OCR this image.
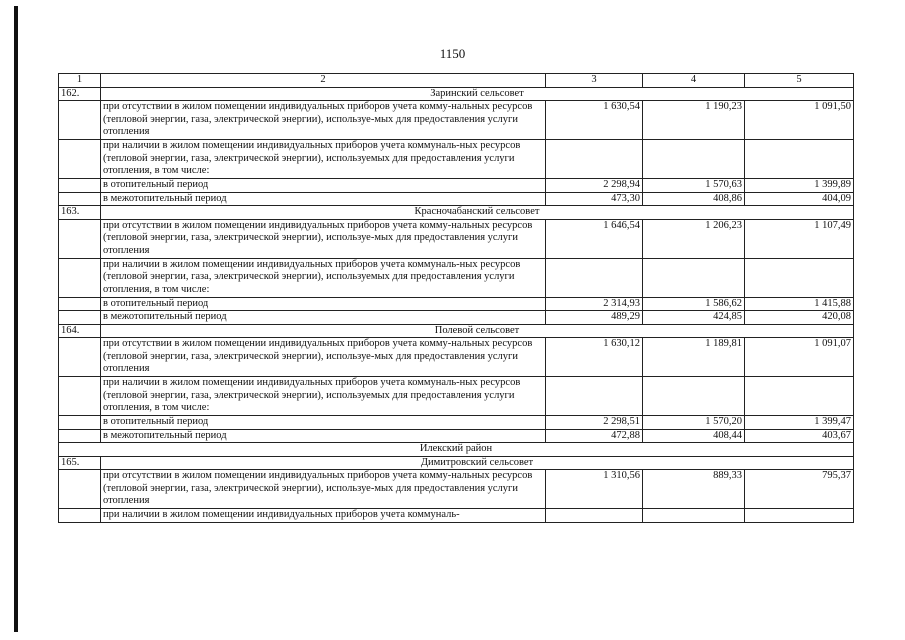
1150
1	2	3	4	5
162.	Заринский сельсовет			
	при отсутствии в жилом помещении индивидуальных приборов учета комму-нальных ресурсов (тепловой энергии, газа, электрической энергии), используе-мых для предоставления услуги отопления	1 630,54	1 190,23	1 091,50
	при наличии в жилом помещении индивидуальных приборов учета коммуналь-ных ресурсов (тепловой энергии, газа, электрической энергии), используемых для предоставления услуги отопления, в том числе:			
	в отопительный период	2 298,94	1 570,63	1 399,89
	в межотопительный период	473,30	408,86	404,09
163.	Красночабанский сельсовет			
	при отсутствии в жилом помещении индивидуальных приборов учета комму-нальных ресурсов (тепловой энергии, газа, электрической энергии), используе-мых для предоставления услуги отопления	1 646,54	1 206,23	1 107,49
	при наличии в жилом помещении индивидуальных приборов учета коммуналь-ных ресурсов (тепловой энергии, газа, электрической энергии), используемых для предоставления услуги отопления, в том числе:			
	в отопительный период	2 314,93	1 586,62	1 415,88
	в межотопительный период	489,29	424,85	420,08
164.	Полевой сельсовет			
	при отсутствии в жилом помещении индивидуальных приборов учета комму-нальных ресурсов (тепловой энергии, газа, электрической энергии), используе-мых для предоставления услуги отопления	1 630,12	1 189,81	1 091,07
	при наличии в жилом помещении индивидуальных приборов учета коммуналь-ных ресурсов (тепловой энергии, газа, электрической энергии), используемых для предоставления услуги отопления, в том числе:			
	в отопительный период	2 298,51	1 570,20	1 399,47
	в межотопительный период	472,88	408,44	403,67
Илекский район				
165.	Димитровский сельсовет			
	при отсутствии в жилом помещении индивидуальных приборов учета комму-нальных ресурсов (тепловой энергии, газа, электрической энергии), используе-мых для предоставления услуги отопления	1 310,56	889,33	795,37
	при наличии в жилом помещении индивидуальных приборов учета коммуналь-			
